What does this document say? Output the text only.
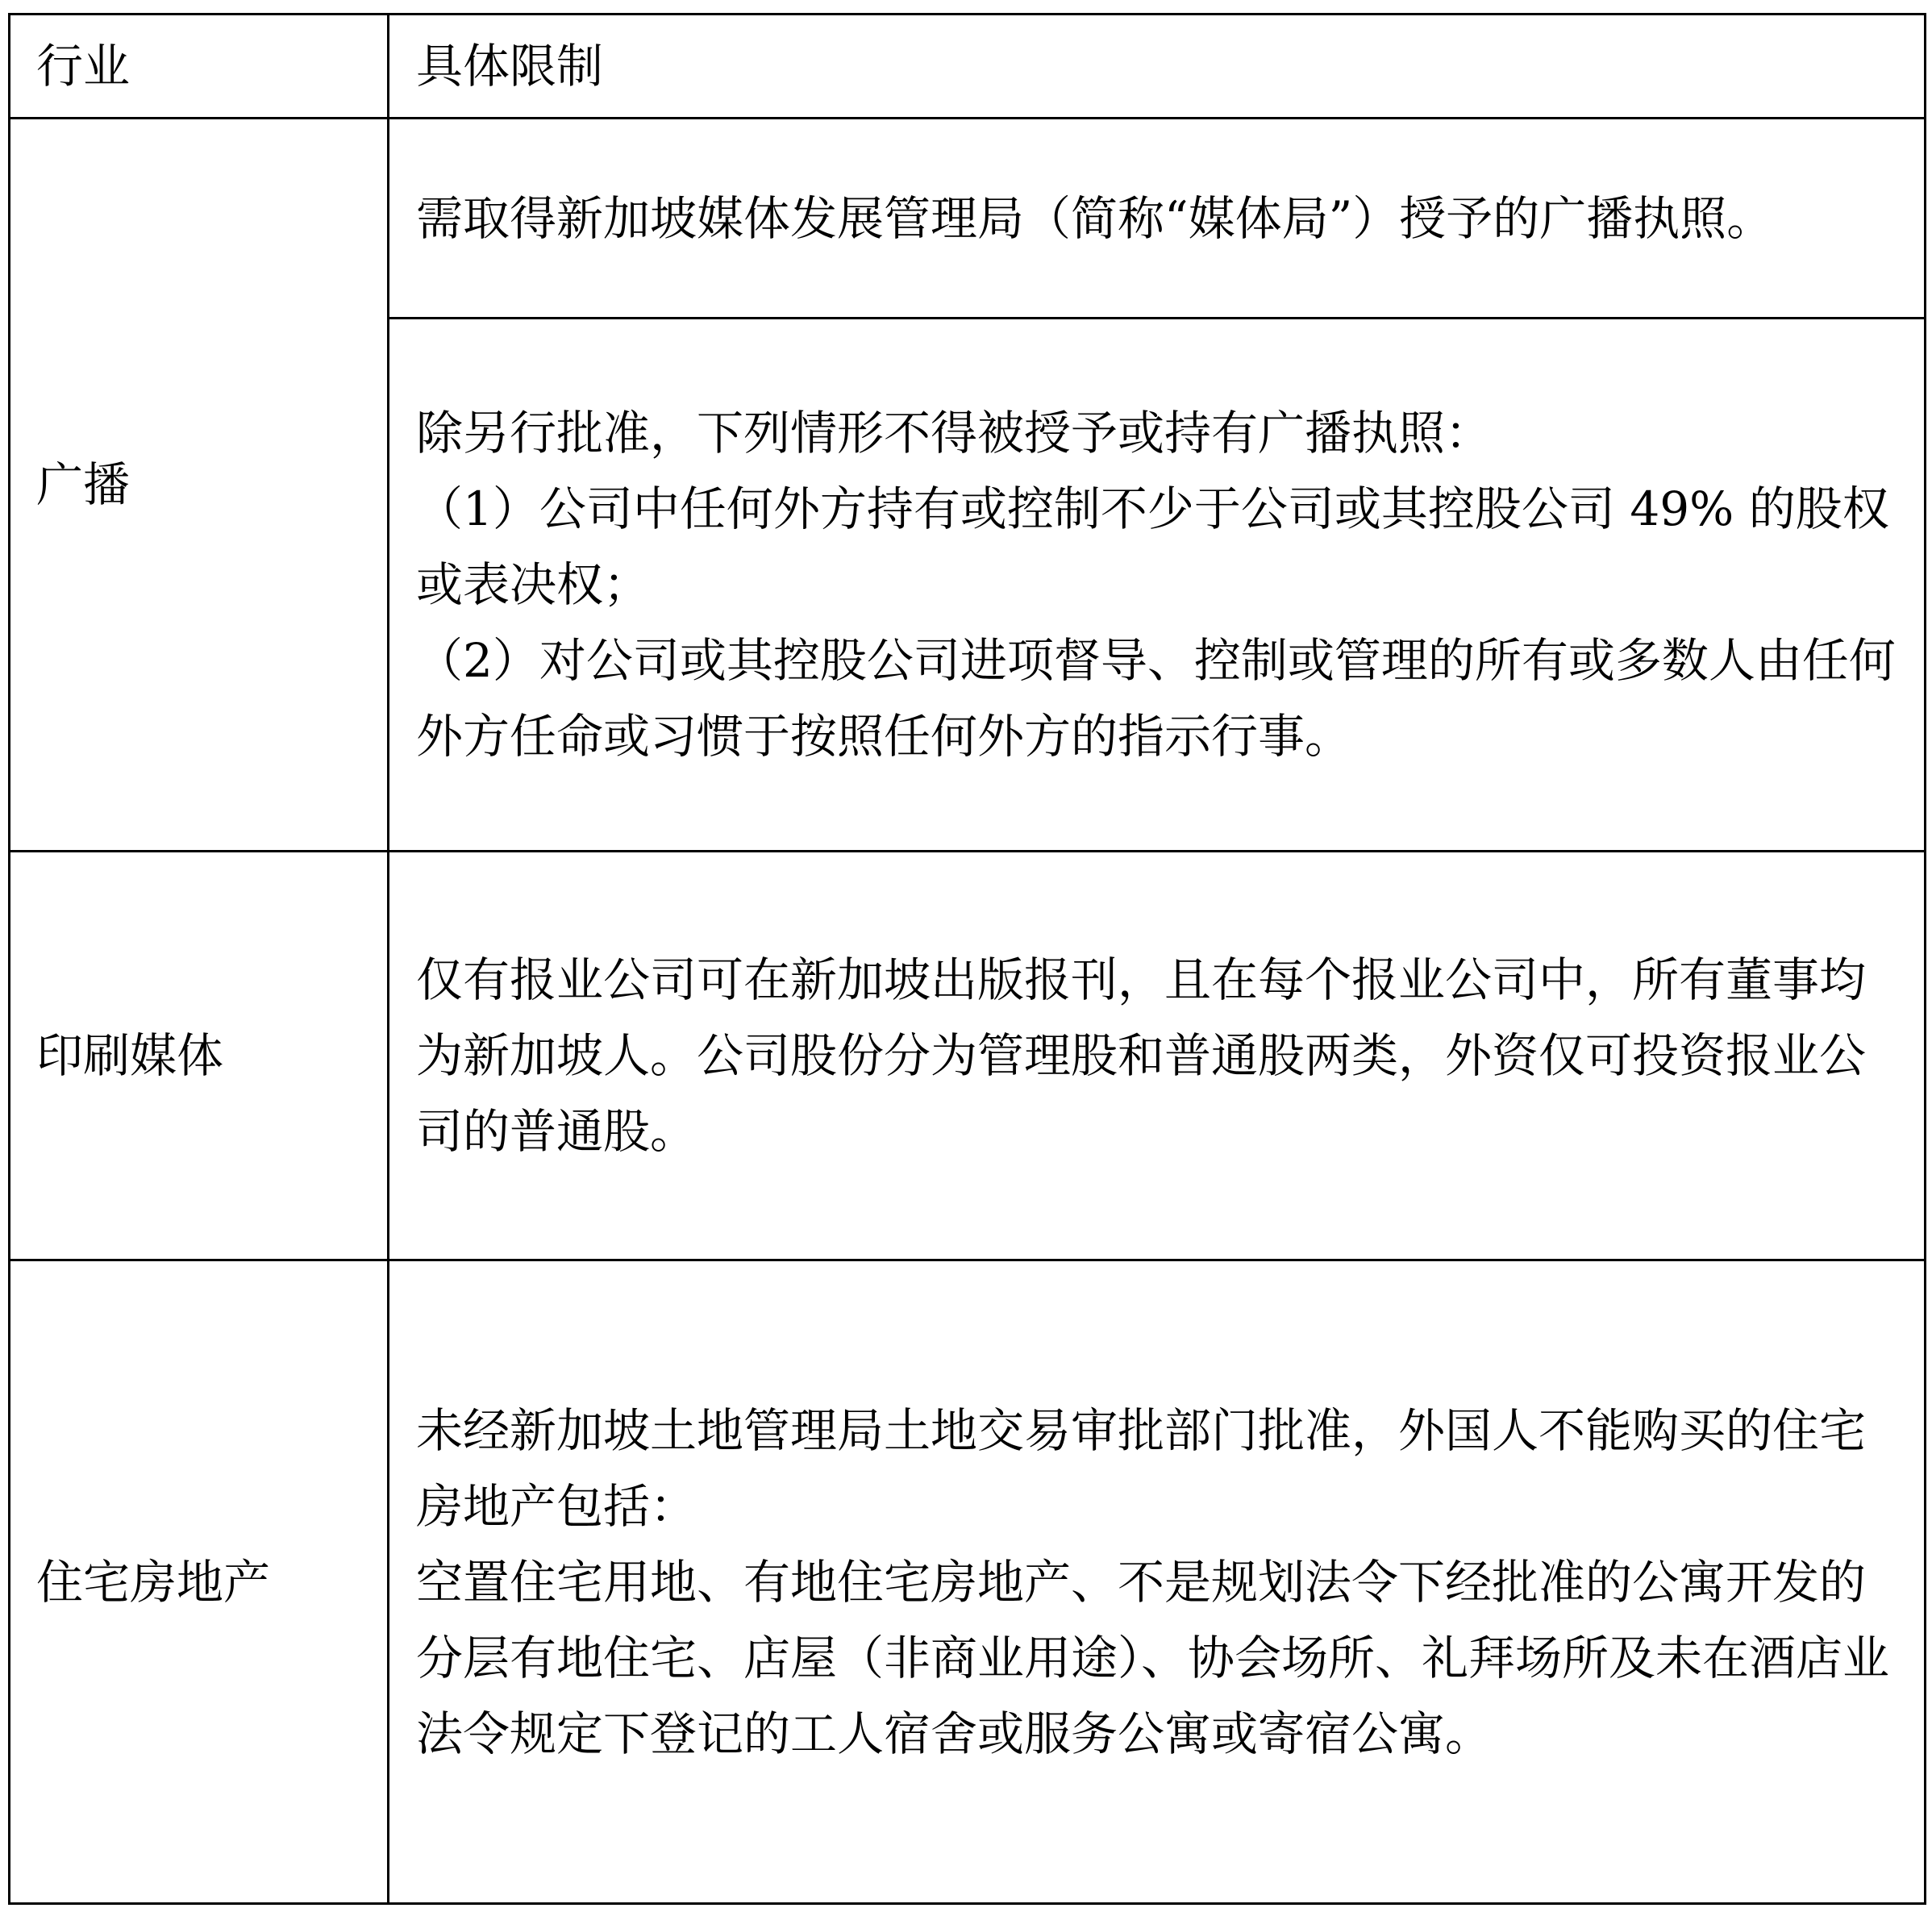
行业	具体限制
广播	需取得新加坡媒体发展管理局（简称“媒体局”）授予的广播执照。

	除另行批准，下列情形不得被授予或持有广播执照：
（1）公司中任何外方持有或控制不少于公司或其控股公司 49% 的股权或表决权；
（2）对公司或其控股公司进项督导、控制或管理的所有或多数人由任何外方任命或习惯于按照任何外方的指示行事。

印刷媒体	仅有报业公司可在新加坡出版报刊，且在每个报业公司中，所有董事均为新加坡人。公司股份分为管理股和普通股两类，外资仅可投资报业公司的普通股。

住宅房地产	未经新加坡土地管理局土地交易审批部门批准，外国人不能购买的住宅房地产包括：
空置住宅用地、有地住宅房地产、不是规划法令下经批准的公寓开发的分层有地住宅、店屋（非商业用途）、协会场所、礼拜场所及未在酒店业法令规定下登记的工人宿舍或服务公寓或寄宿公寓。
